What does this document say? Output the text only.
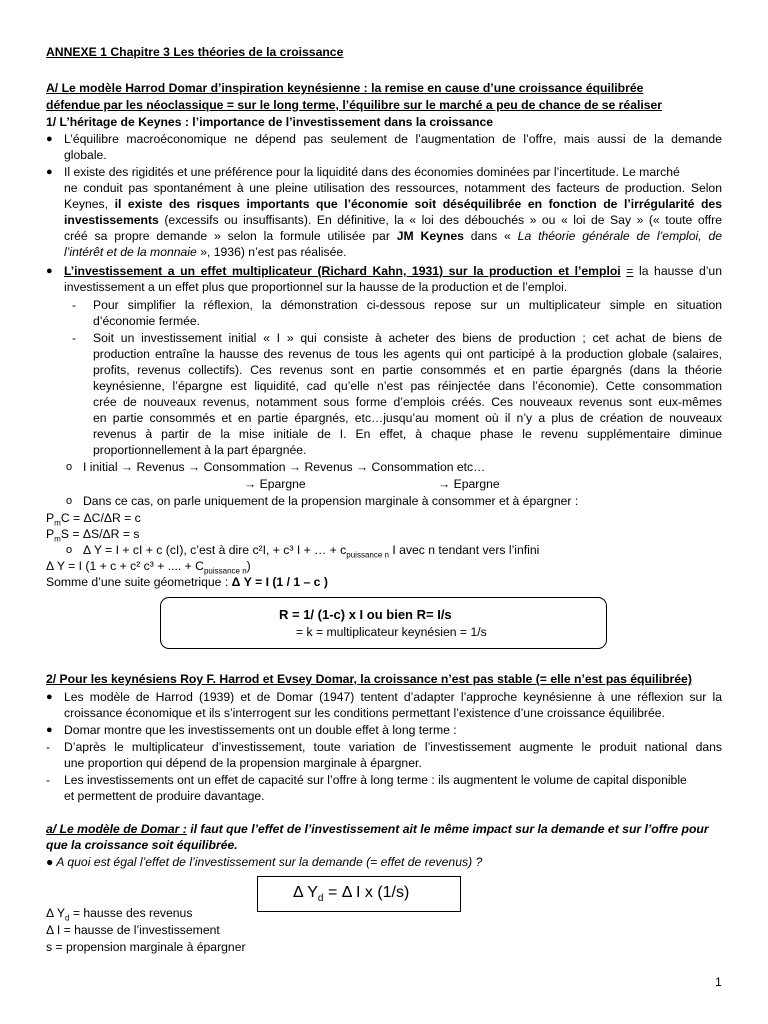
ANNEXE 1 Chapitre 3 Les théories de la croissance
A/ Le modèle Harrod Domar d’inspiration keynésienne : la remise en cause d’une croissance équilibrée
défendue par les néoclassique = sur le long terme, l’équilibre sur le marché a peu de chance de se réaliser
1/ L’héritage de Keynes : l’importance de l’investissement dans la croissance
● L’équilibre macroéconomique ne dépend pas seulement de l’augmentation de l’offre, mais aussi de la demande
globale.
● Il existe des rigidités et une préférence pour la liquidité dans des économies dominées par l’incertitude. Le marché
ne conduit pas spontanément à une pleine utilisation des ressources, notamment des facteurs de production. Selon
Keynes, il existe des risques importants que l’économie soit déséquilibrée en fonction de l’irrégularité des
investissements (excessifs ou insuffisants). En définitive, la « loi des débouchés » ou « loi de Say » (« toute offre
créé sa propre demande » selon la formule utilisée par JM Keynes dans « La théorie générale de l’emploi, de
l’intérêt et de la monnaie », 1936) n’est pas réalisée.
● L’investissement a un effet multiplicateur (Richard Kahn, 1931) sur la production et l’emploi = la hausse d’un
investissement a un effet plus que proportionnel sur la hausse de la production et de l’emploi.
- Pour simplifier la réflexion, la démonstration ci-dessous repose sur un multiplicateur simple en situation
d’économie fermée.
- Soit un investissement initial « I » qui consiste à acheter des biens de production ; cet achat de biens de
production entraîne la hausse des revenus de tous les agents qui ont participé à la production globale (salaires,
profits, revenus collectifs). Ces revenus sont en partie consommés et en partie épargnés (dans la théorie
keynésienne, l’épargne est liquidité, cad qu’elle n’est pas réinjectée dans l’économie). Cette consommation
crée de nouveaux revenus, notamment sous forme d’emplois créés. Ces nouveaux revenus sont eux-mêmes
en partie consommés et en partie épargnés, etc…jusqu’au moment où il n’y a plus de création de nouveaux
revenus à partir de la mise initiale de I. En effet, à chaque phase le revenu supplémentaire diminue
proportionnellement à la part épargnée.
o I initial → Revenus → Consommation → Revenus → Consommation etc…
→ Epargne	→ Epargne
o Dans ce cas, on parle uniquement de la propension marginale à consommer et à épargner :
$P_mC = \Delta C/\Delta R = c$
$P_mS = \Delta S/\Delta R = s$
o Δ Y = I + cI + c (cI), c’est à dire c²I, + c³ I + … + $c_{puissance n}$ I avec n tendant vers l’infini
Δ Y = I (1 + c + c² c³ + .... + $C_{puissance n}$)
Somme d’une suite géometrique : Δ Y = I (1 / 1 – c )
R = 1/ (1-c) x I ou bien R= I/s
= k = multiplicateur keynésien = 1/s
2/ Pour les keynésiens Roy F. Harrod et Evsey Domar, la croissance n’est pas stable (= elle n’est pas équilibrée)
● Les modèle de Harrod (1939) et de Domar (1947) tentent d’adapter l’approche keynésienne à une réflexion sur la
croissance économique et ils s’interrogent sur les conditions permettant l’existence d’une croissance équilibrée.
● Domar montre que les investissements ont un double effet à long terme :
- D’après le multiplicateur d’investissement, toute variation de l’investissement augmente le produit national dans
une proportion qui dépend de la propension marginale à épargner.
- Les investissements ont un effet de capacité sur l’offre à long terme : ils augmentent le volume de capital disponible
et permettent de produire davantage.
a/ Le modèle de Domar : il faut que l’effet de l’investissement ait le même impact sur la demande et sur l’offre pour
que la croissance soit équilibrée.
● A quoi est égal l’effet de l’investissement sur la demande (= effet de revenus) ?
Δ $Y_d = \Delta$ I x (1/s)
Δ $Y_d$ = hausse des revenus
Δ I = hausse de l’investissement
s = propension marginale à épargner
1
